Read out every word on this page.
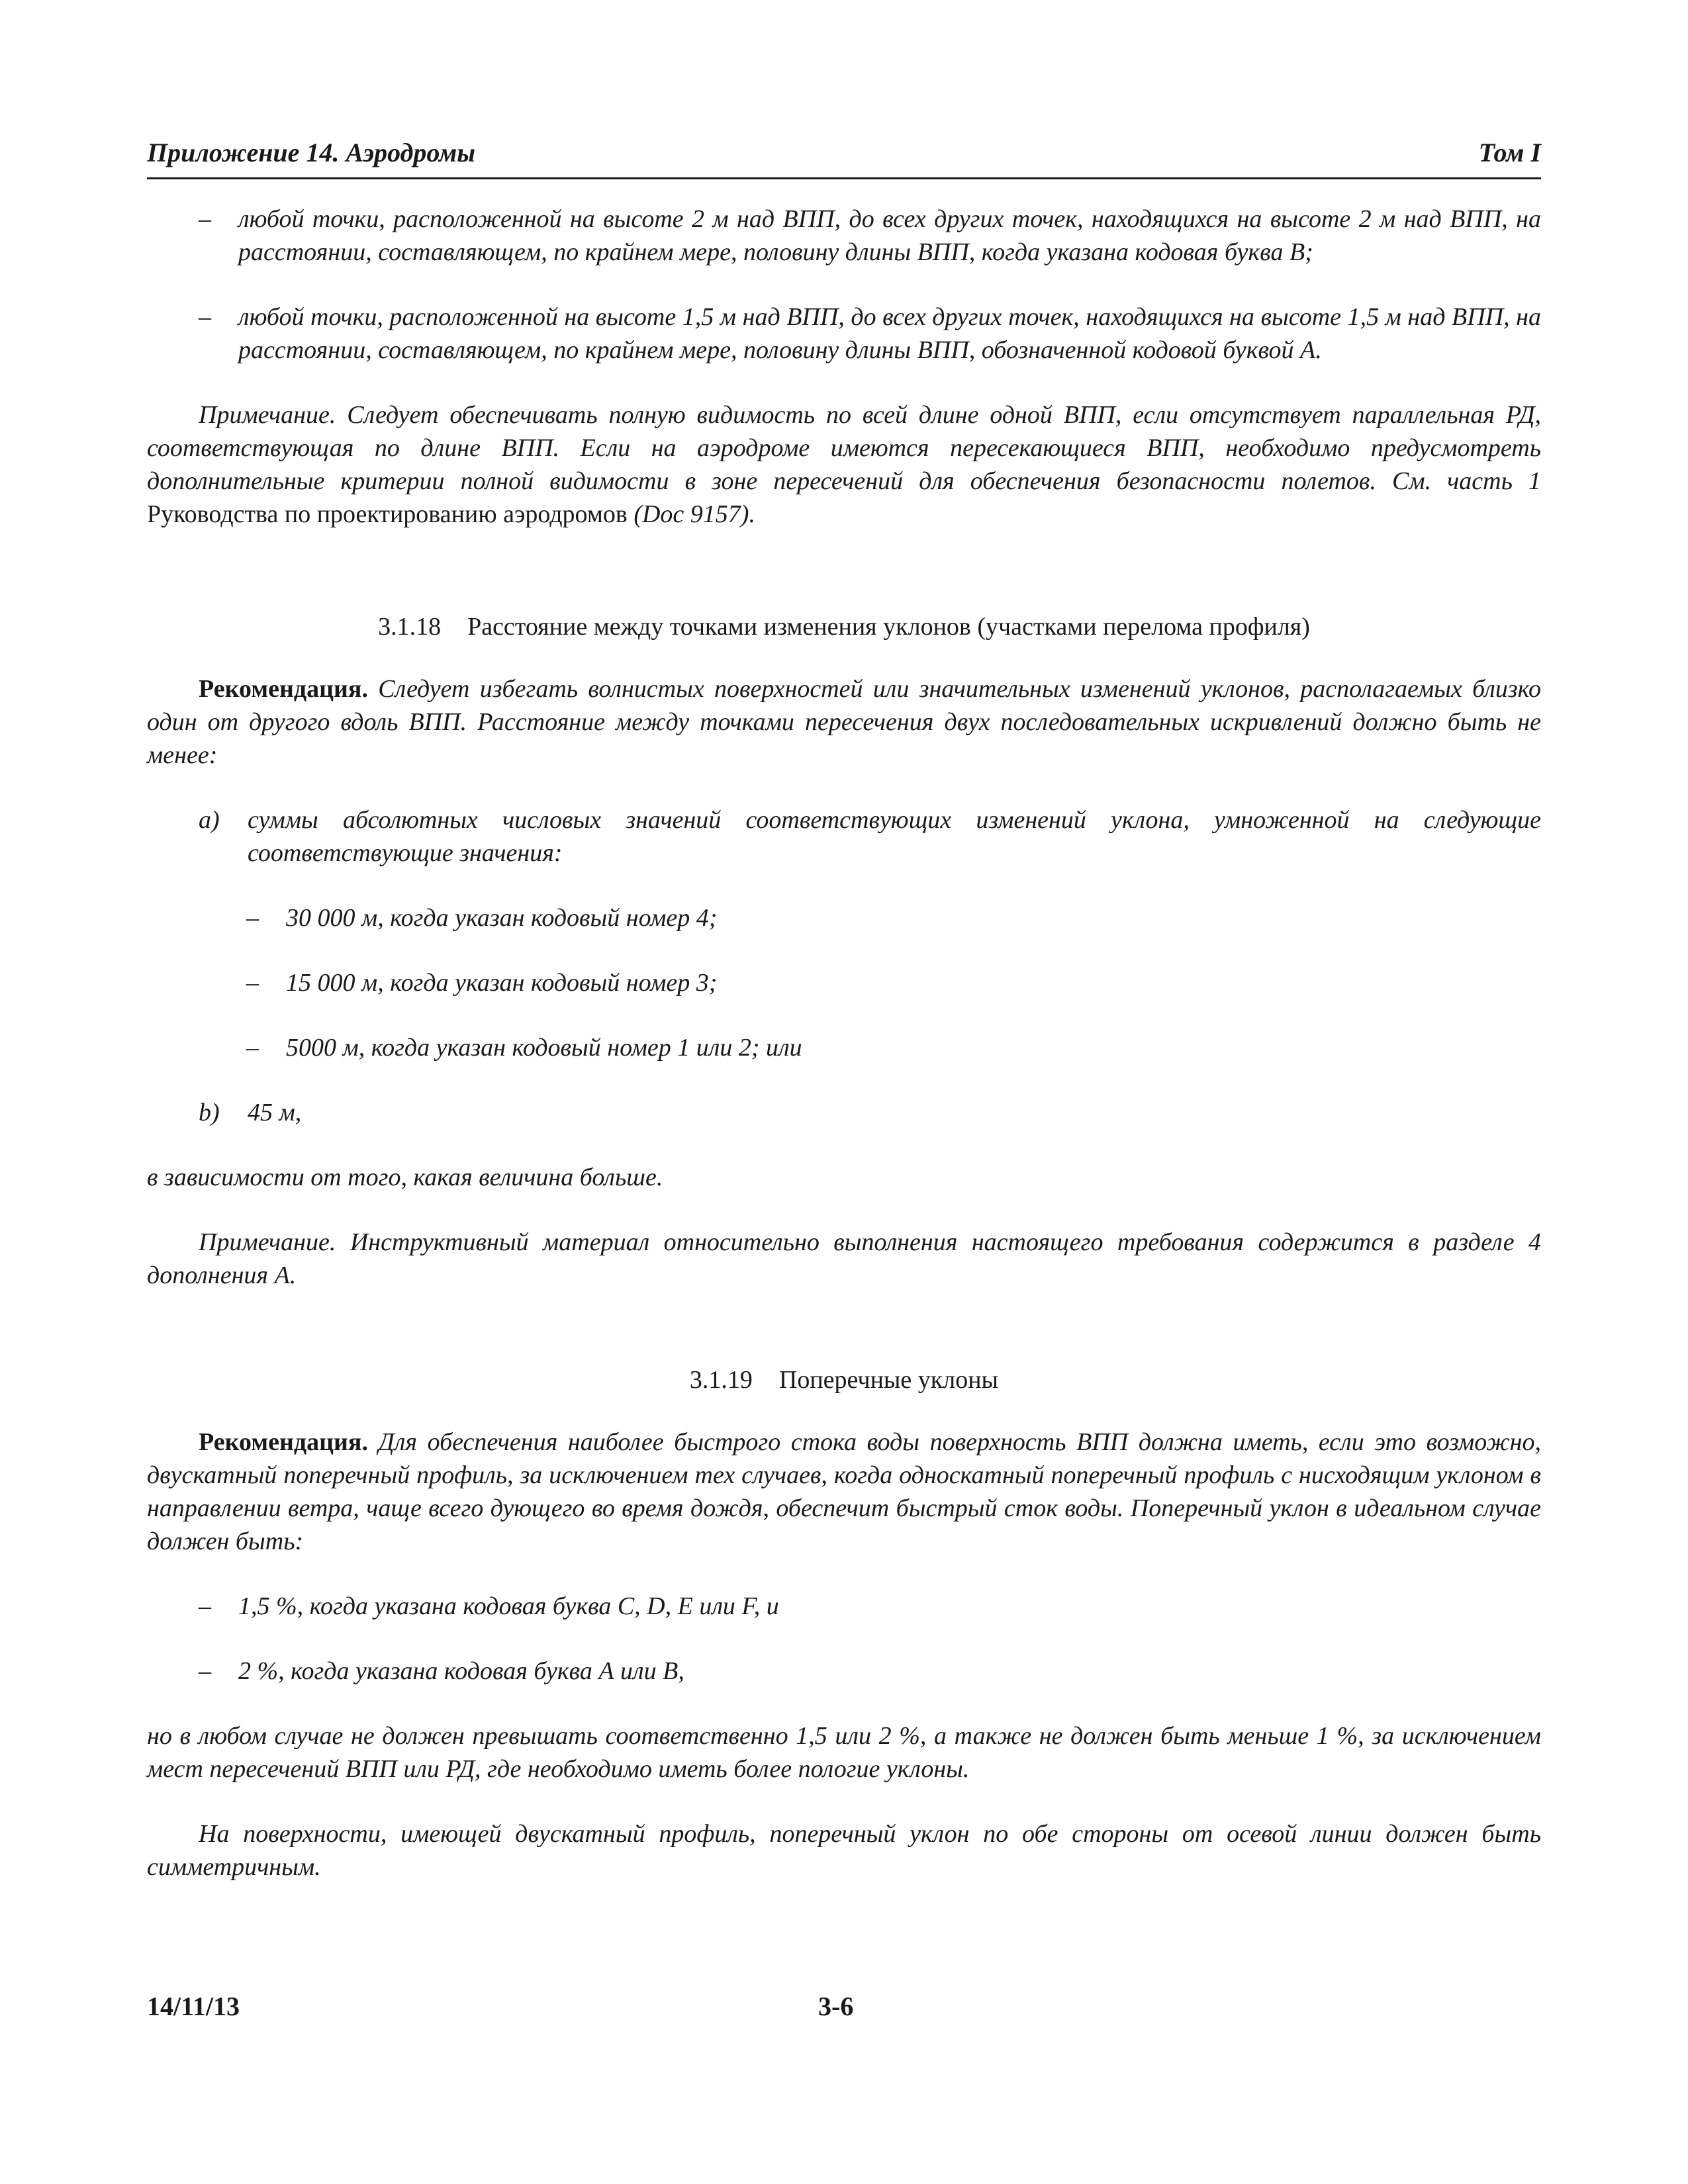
Приложение 14. Аэродромы	Том I
– любой точки, расположенной на высоте 2 м над ВПП, до всех других точек, находящихся на высоте 2 м над ВПП, на расстоянии, составляющем, по крайнем мере, половину длины ВПП, когда указана кодовая буква В;
– любой точки, расположенной на высоте 1,5 м над ВПП, до всех других точек, находящихся на высоте 1,5 м над ВПП, на расстоянии, составляющем, по крайнем мере, половину длины ВПП, обозначенной кодовой буквой А.

Примечание. Следует обеспечивать полную видимость по всей длине одной ВПП, если отсутствует параллельная РД, соответствующая по длине ВПП. Если на аэродроме имеются пересекающиеся ВПП, необходимо предусмотреть дополнительные критерии полной видимости в зоне пересечений для обеспечения безопасности полетов. См. часть 1 Руководства по проектированию аэродромов (Doc 9157).

3.1.18 Расстояние между точками изменения уклонов (участками перелома профиля)

Рекомендация. Следует избегать волнистых поверхностей или значительных изменений уклонов, располагаемых близко один от другого вдоль ВПП. Расстояние между точками пересечения двух последовательных искривлений должно быть не менее:

a) суммы абсолютных числовых значений соответствующих изменений уклона, умноженной на следующие соответствующие значения:
– 30 000 м, когда указан кодовый номер 4;
– 15 000 м, когда указан кодовый номер 3;
– 5000 м, когда указан кодовый номер 1 или 2; или
b) 45 м,

в зависимости от того, какая величина больше.

Примечание. Инструктивный материал относительно выполнения настоящего требования содержится в разделе 4 дополнения А.

3.1.19 Поперечные уклоны

Рекомендация. Для обеспечения наиболее быстрого стока воды поверхность ВПП должна иметь, если это возможно, двускатный поперечный профиль, за исключением тех случаев, когда односкатный поперечный профиль с нисходящим уклоном в направлении ветра, чаще всего дующего во время дождя, обеспечит быстрый сток воды. Поперечный уклон в идеальном случае должен быть:

– 1,5 %, когда указана кодовая буква C, D, E или F, и
– 2 %, когда указана кодовая буква А или B,

но в любом случае не должен превышать соответственно 1,5 или 2 %, а также не должен быть меньше 1 %, за исключением мест пересечений ВПП или РД, где необходимо иметь более пологие уклоны.

На поверхности, имеющей двускатный профиль, поперечный уклон по обе стороны от осевой линии должен быть симметричным.

14/11/13	3-6
